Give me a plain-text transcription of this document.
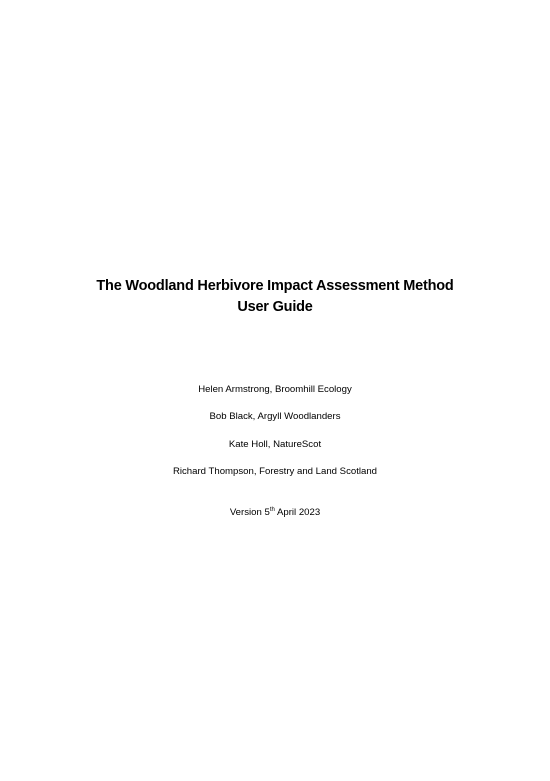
The Woodland Herbivore Impact Assessment Method
User Guide
Helen Armstrong, Broomhill Ecology
Bob Black, Argyll Woodlanders
Kate Holl, NatureScot
Richard Thompson, Forestry and Land Scotland
Version 5th April 2023
